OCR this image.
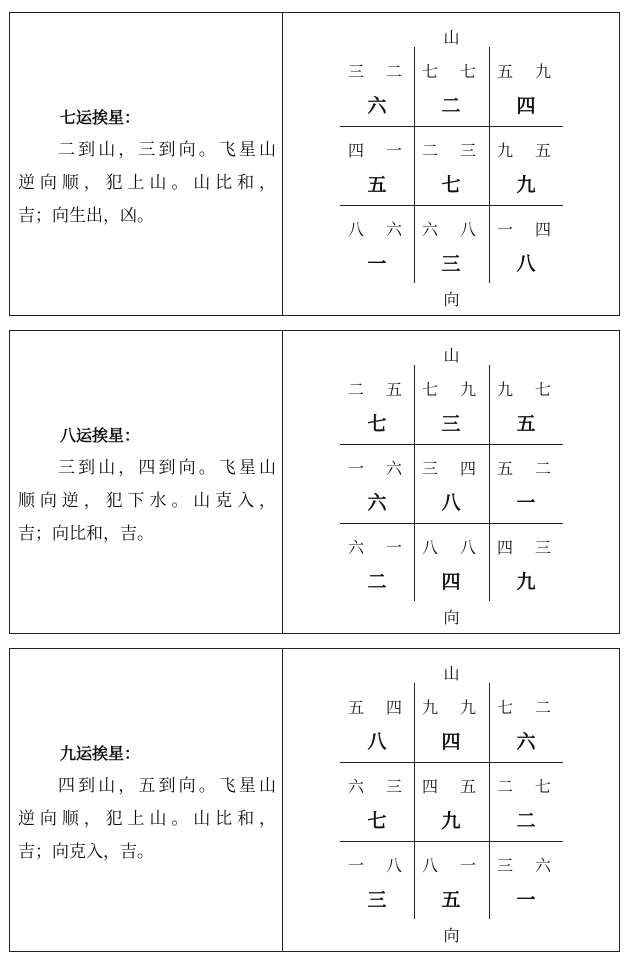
七运挨星：
二到山，三到向。飞星山
逆向顺，犯上山。山比和，
吉；向生出，凶。
山
三 二
六
七 七
二
五 九
四
四 一
五
二 三
七
九 五
九
八 六
一
六 八
三
一 四
八
向
八运挨星：
三到山，四到向。飞星山
顺向逆，犯下水。山克入，
吉；向比和，吉。
山
二 五
七
七 九
三
九 七
五
一 六
六
三 四
八
五 二
一
六 一
二
八 八
四
四 三
九
向
九运挨星：
四到山，五到向。飞星山
逆向顺，犯上山。山比和，
吉；向克入，吉。
山
五 四
八
九 九
四
七 二
六
六 三
七
四 五
九
二 七
二
一 八
三
八 一
五
三 六
一
向
